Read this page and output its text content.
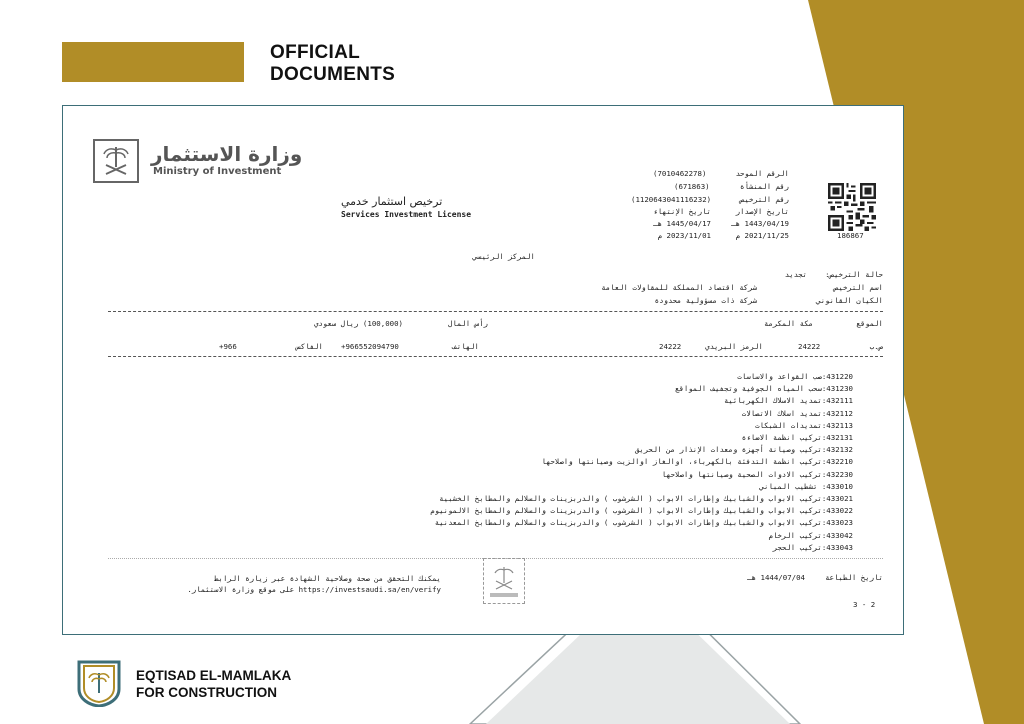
OFFICIAL
DOCUMENTS
وزارة الاستثمار
Ministry of Investment
ترخيص استثمار خدمي
Services Investment License
الرقم الموحد
(7010462278)
رقم المنشأة
(671863)
رقم الترخيص
(1120643041116232)
تاريخ الإصدار
تاريخ الإنتهاء
1443/04/19 هـ
1445/04/17 هـ
2021/11/25 م
2023/11/01 م	186867
المركز الرئيسي
حالة الترخيص:
تجديد
اسم الترخيص
شركة اقتصاد المملكة للمقاولات العامة
الكيان القانوني
شركة ذات مسؤولية محدودة
الموقع
مكة المكرمة
رأس المال
(100,000) ريال سعودي
ص.ب
24222
الرمز البريدي
24222
الهاتف
+966552094790
الفاكس
+966
431220:صب القواعد والاساسات
431230:سحب المياه الجوفية وتجفيف المواقع
432111:تمديد الاسلاك الكهربائية
432112:تمديد اسلاك الاتصالات
432113:تمديدات الشبكات
432131:تركيب انظمة الاضاءة
432132:تركيب وصيانة أجهزة ومعدات الإنذار من الحريق
432210:تركيب انظمة التدفئة بالكهرباء، اوالغاز اوالزيت وصيانتها واصلاحها
432230:تركيب الادوات الصحية وصيانتها واصلاحها
433010: تشطيب المباني
433021:تركيب الابواب والشبابيك وإطارات الابواب ( الشرشوب ) والدربزينات والسلالم والمطابخ الخشبية
433022:تركيب الابواب والشبابيك وإطارات الابواب ( الشرشوب ) والدربزينات والسلالم والمطابخ الالمونيوم
433023:تركيب الابواب والشبابيك وإطارات الابواب ( الشرشوب ) والدربزينات والسلالم والمطابخ المعدنية
433042:تركيب الرخام
433043:تركيب الحجر
تاريخ الطباعة
1444/07/04 هـ
يمكنك التحقق من صحة وصلاحية الشهادة عبر زيارة الرابط
https://investsaudi.sa/en/verify على موقع وزارة الاستثمار.
3 - 2
EQTISAD EL-MAMLAKA
FOR CONSTRUCTION
